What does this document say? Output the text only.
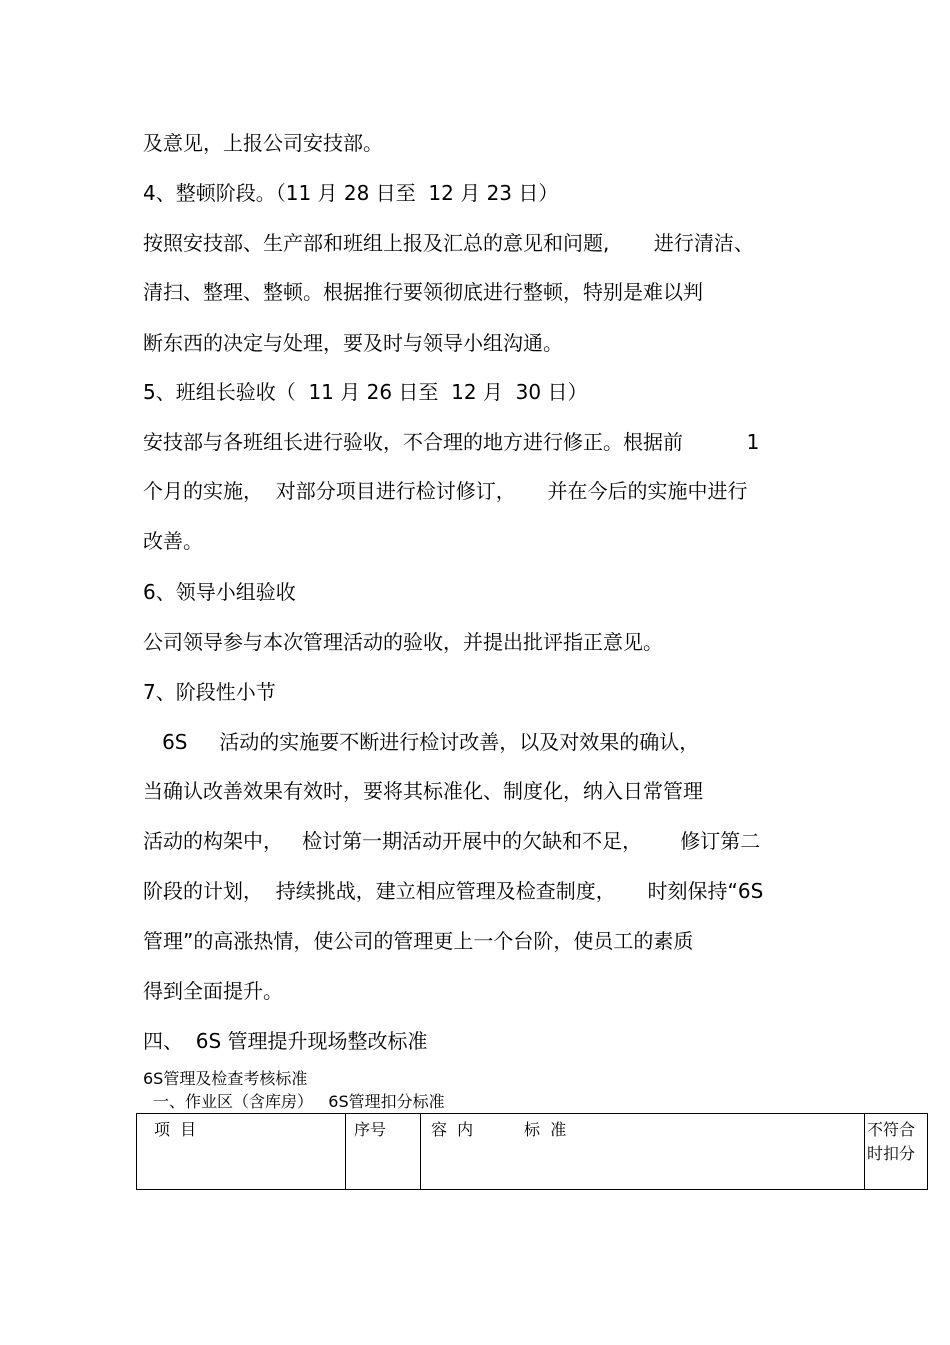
及意见，上报公司安技部。

4、整顿阶段。（11 月 28 日至  12 月 23 日）

按照安技部、生产部和班组上报及汇总的意见和问题,       进行清洁、

清扫、整理、整顿。根据推行要领彻底进行整顿，特别是难以判

断东西的决定与处理，要及时与领导小组沟通。

5、班组长验收（  11 月 26 日至  12 月  30 日）

安技部与各班组长进行验收，不合理的地方进行修正。根据前          1

个月的实施，  对部分项目进行检讨修订，     并在今后的实施中进行

改善。

6、领导小组验收

公司领导参与本次管理活动的验收，并提出批评指正意见。

7、阶段性小节

6S     活动的实施要不断进行检讨改善，以及对效果的确认，

当确认改善效果有效时，要将其标准化、制度化，纳入日常管理

活动的构架中，   检讨第一期活动开展中的欠缺和不足，      修订第二

阶段的计划，  持续挑战，建立相应管理及检查制度，     时刻保持“6S

管理”的高涨热情，使公司的管理更上一个台阶，使员工的素质

得到全面提升。

四、  6S 管理提升现场整改标准

6S管理及检查考核标准

一、作业区（含库房）   6S管理扣分标准

项  目	序号	容  内          标  准	不符合时扣分
